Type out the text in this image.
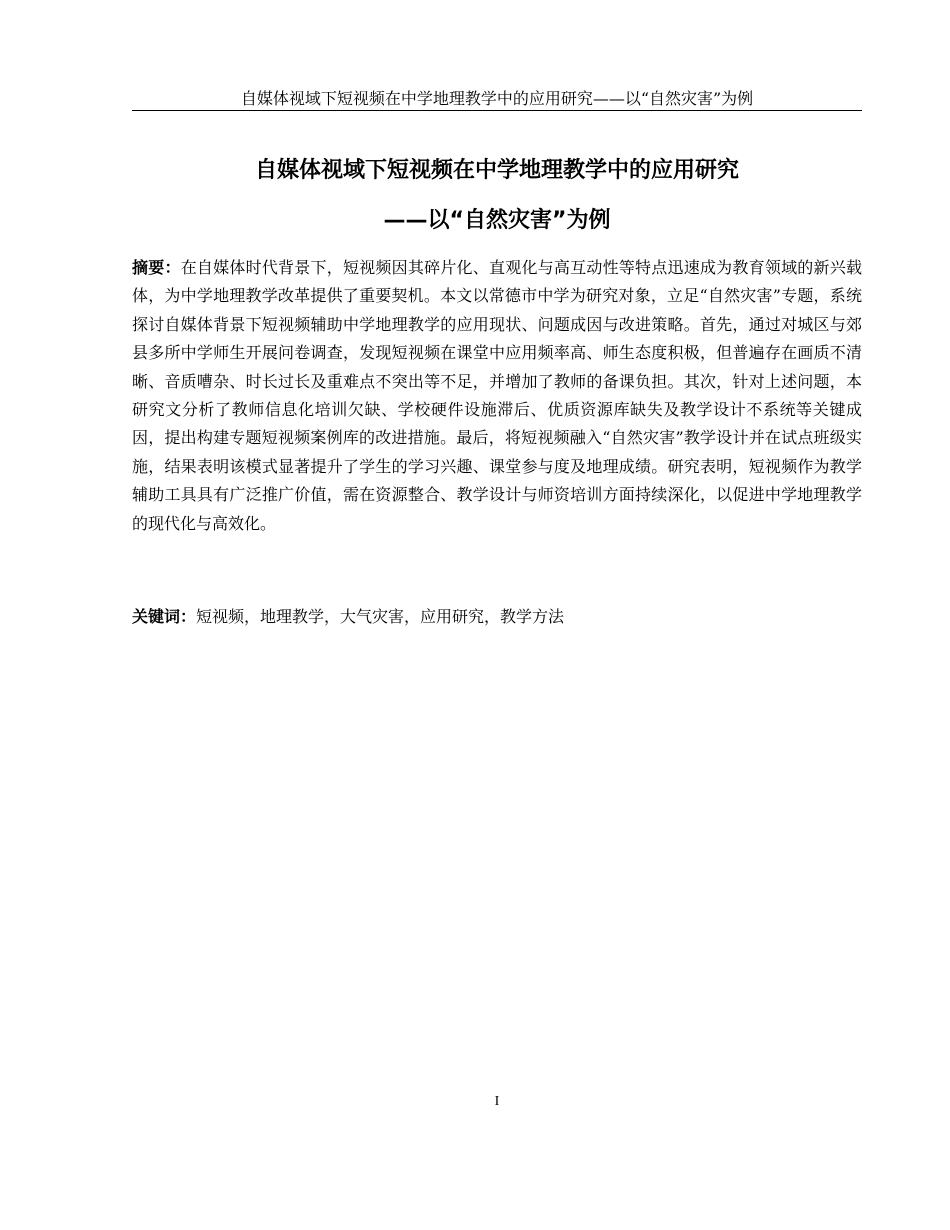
自媒体视域下短视频在中学地理教学中的应用研究——以“自然灾害”为例
自媒体视域下短视频在中学地理教学中的应用研究
——以“自然灾害”为例
摘要：在自媒体时代背景下，短视频因其碎片化、直观化与高互动性等特点迅速成为教育领域的新兴载体，为中学地理教学改革提供了重要契机。本文以常德市中学为研究对象，立足“自然灾害”专题，系统探讨自媒体背景下短视频辅助中学地理教学的应用现状、问题成因与改进策略。首先，通过对城区与郊县多所中学师生开展问卷调查，发现短视频在课堂中应用频率高、师生态度积极，但普遍存在画质不清晰、音质嘈杂、时长过长及重难点不突出等不足，并增加了教师的备课负担。其次，针对上述问题，本研究文分析了教师信息化培训欠缺、学校硬件设施滞后、优质资源库缺失及教学设计不系统等关键成因，提出构建专题短视频案例库的改进措施。最后，将短视频融入“自然灾害”教学设计并在试点班级实施，结果表明该模式显著提升了学生的学习兴趣、课堂参与度及地理成绩。研究表明，短视频作为教学辅助工具具有广泛推广价值，需在资源整合、教学设计与师资培训方面持续深化，以促进中学地理教学的现代化与高效化。
关键词：短视频，地理教学，大气灾害，应用研究，教学方法
I
